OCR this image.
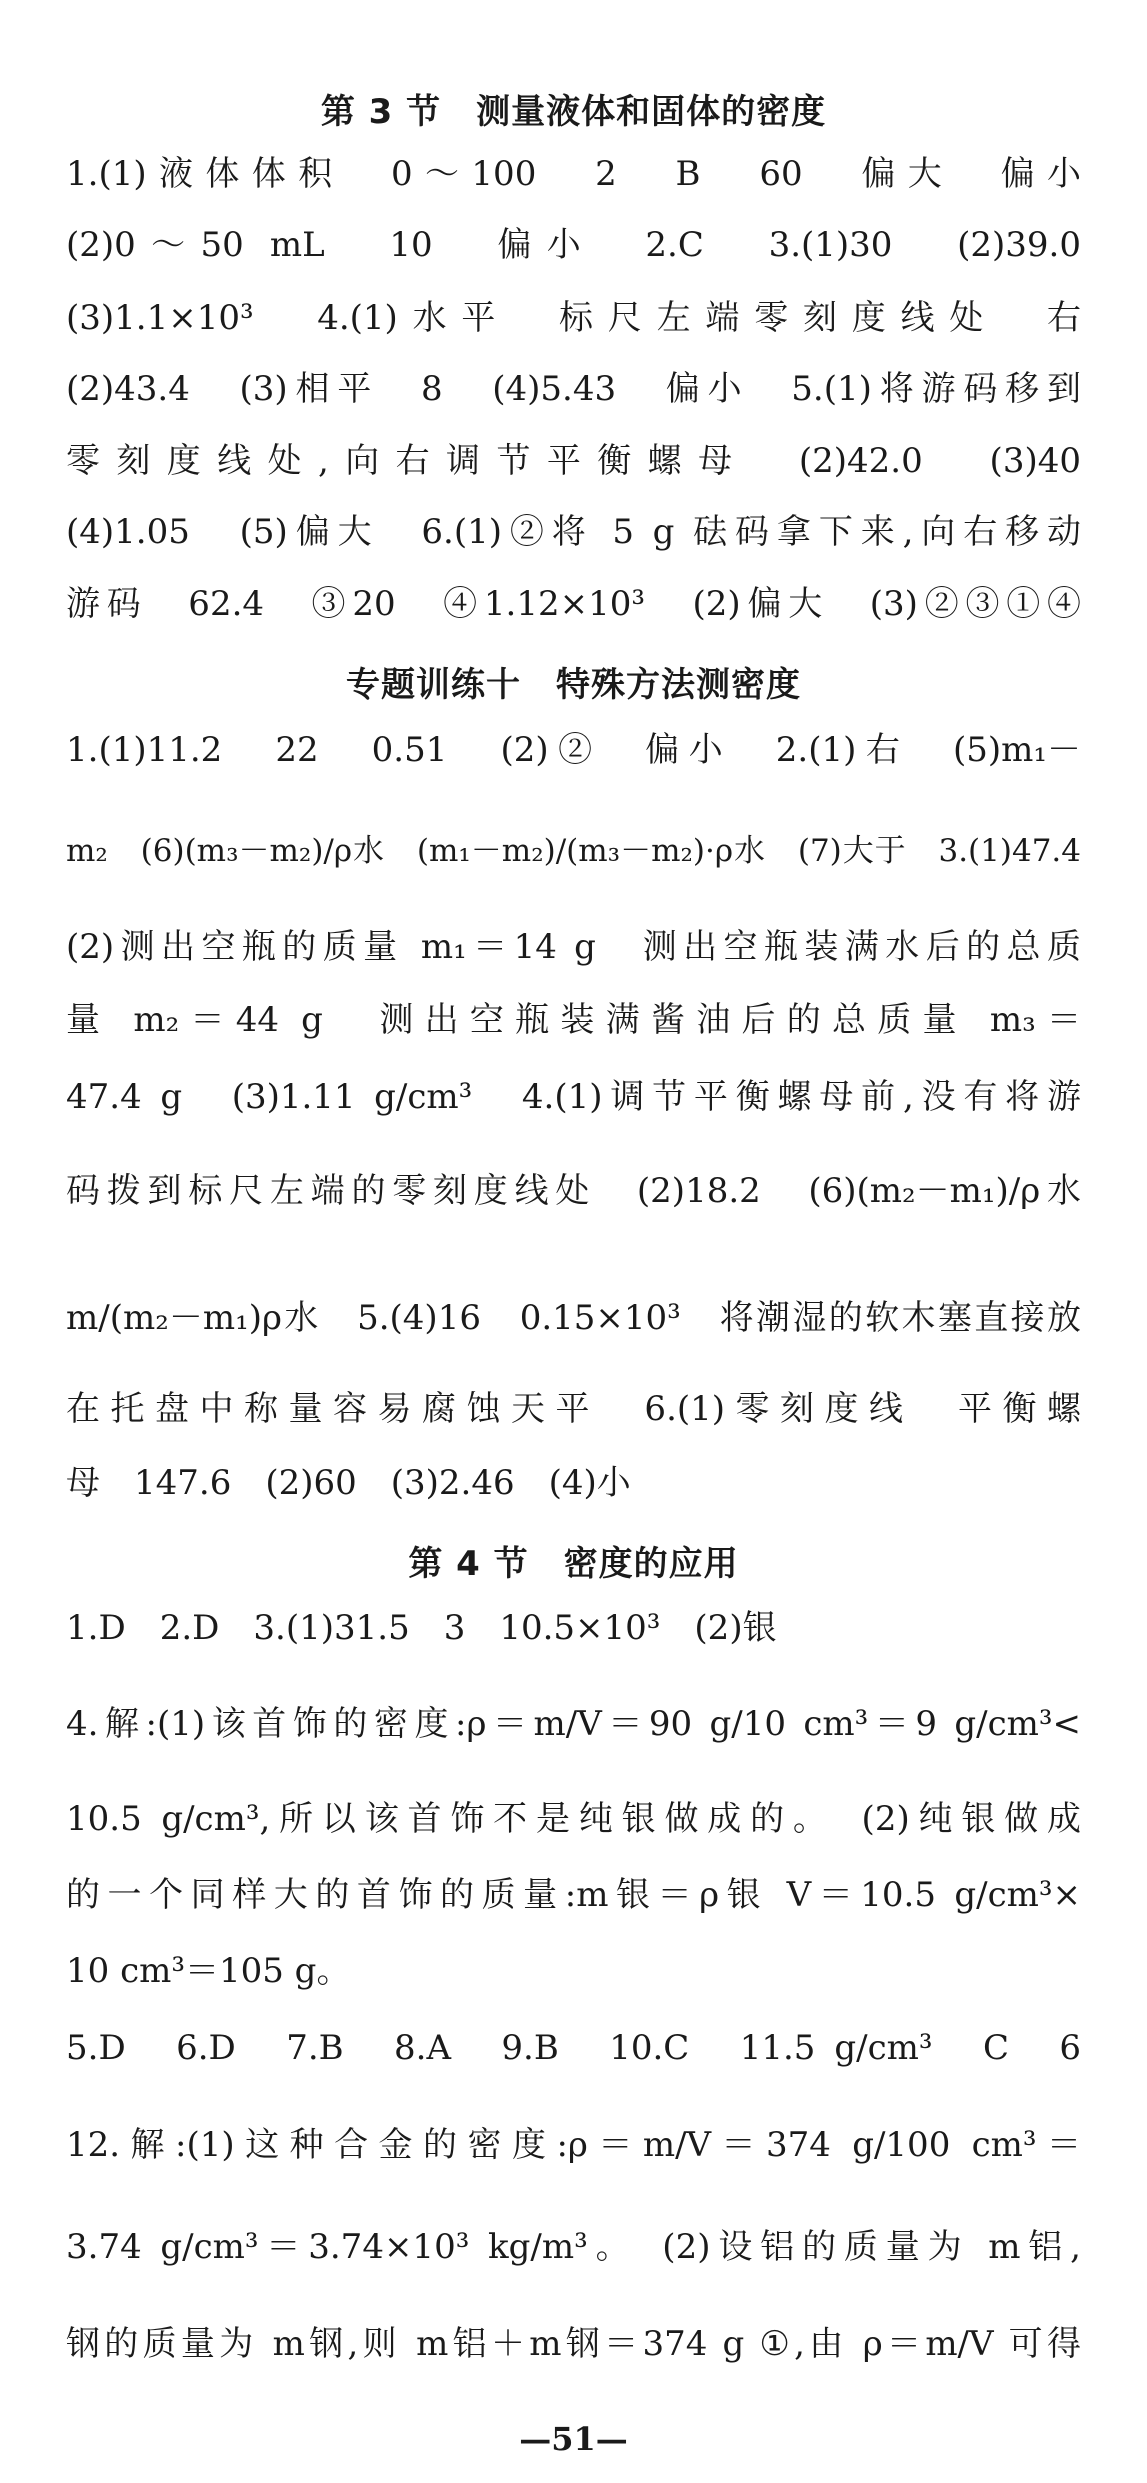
第 3 节　测量液体和固体的密度
1.(1)液体体积　0～100　2　B　60　偏大　偏小
(2)0～50 mL　10　偏小　2.C　3.(1)30　(2)39.0
(3)1.1×10³　4.(1)水平　标尺左端零刻度线处　右
(2)43.4　(3)相平　8　(4)5.43　偏小　5.(1)将游码移到
零刻度线处,向右调节平衡螺母　(2)42.0　(3)40
(4)1.05　(5)偏大　6.(1)②将 5 g 砝码拿下来,向右移动
游码　62.4　③20　④1.12×10³　(2)偏大　(3)②③①④
专题训练十　特殊方法测密度
1.(1)11.2　22　0.51　(2)②　偏小　2.(1)右　(5)m₁－
m₂　(6)(m₃－m₂)/ρ水　(m₁－m₂)/(m₃－m₂)·ρ水　(7)大于　3.(1)47.4
(2)测出空瓶的质量 m₁＝14 g　测出空瓶装满水后的总质
量 m₂＝44 g　测出空瓶装满酱油后的总质量 m₃＝
47.4 g　(3)1.11 g/cm³　4.(1)调节平衡螺母前,没有将游
码拨到标尺左端的零刻度线处　(2)18.2　(6)(m₂－m₁)/ρ水
m/(m₂－m₁)ρ水　5.(4)16　0.15×10³　将潮湿的软木塞直接放
在托盘中称量容易腐蚀天平　6.(1)零刻度线　平衡螺
母　147.6　(2)60　(3)2.46　(4)小
第 4 节　密度的应用
1.D　2.D　3.(1)31.5　3　10.5×10³　(2)银
4.解:(1)该首饰的密度:ρ＝m/V＝90 g/10 cm³＝9 g/cm³<
10.5 g/cm³,所以该首饰不是纯银做成的。　(2)纯银做成
的一个同样大的首饰的质量:m银＝ρ银 V＝10.5 g/cm³×
10 cm³＝105 g。
5.D　6.D　7.B　8.A　9.B　10.C　11.5 g/cm³　C　6
12.解:(1)这种合金的密度:ρ＝m/V＝374 g/100 cm³＝
3.74 g/cm³＝3.74×10³ kg/m³。　(2)设铝的质量为 m铝,
钢的质量为 m钢,则 m铝＋m钢＝374 g ①,由 ρ＝m/V 可得
—51—
